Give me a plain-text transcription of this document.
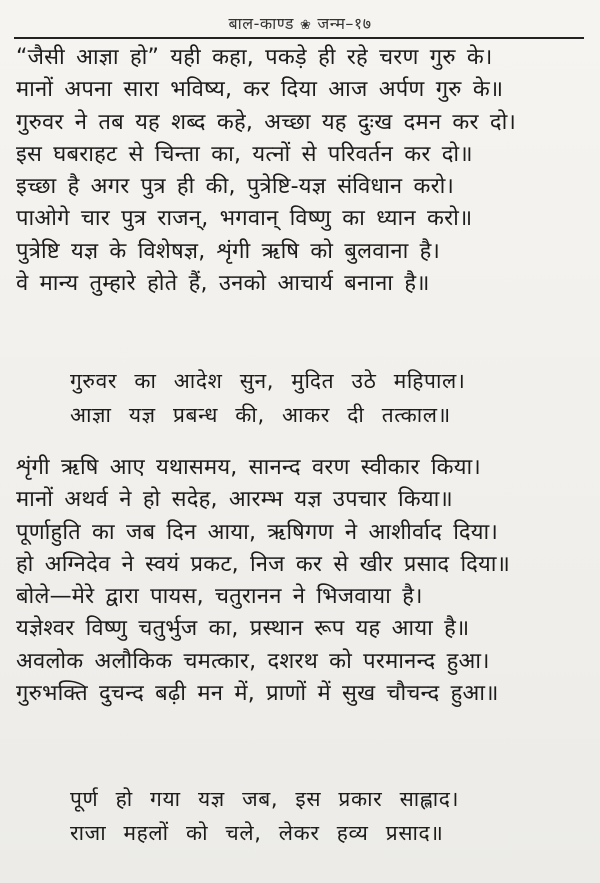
बाल-काण्ड ❀ जन्म–१७
“जैसी आज्ञा हो” यही कहा, पकड़े ही रहे चरण गुरु के।
मानों अपना सारा भविष्य, कर दिया आज अर्पण गुरु के॥
गुरुवर ने तब यह शब्द कहे, अच्छा यह दुःख दमन कर दो।
इस घबराहट से चिन्ता का, यत्नों से परिवर्तन कर दो॥
इच्छा है अगर पुत्र ही की, पुत्रेष्टि-यज्ञ संविधान करो।
पाओगे चार पुत्र राजन्, भगवान् विष्णु का ध्यान करो॥
पुत्रेष्टि यज्ञ के विशेषज्ञ, शृंगी ऋषि को बुलवाना है।
वे मान्य तुम्हारे होते हैं, उनको आचार्य बनाना है॥
गुरुवर का आदेश सुन, मुदित उठे महिपाल।
आज्ञा यज्ञ प्रबन्ध की, आकर दी तत्काल॥
शृंगी ऋषि आए यथासमय, सानन्द वरण स्वीकार किया।
मानों अथर्व ने हो सदेह, आरम्भ यज्ञ उपचार किया॥
पूर्णाहुति का जब दिन आया, ऋषिगण ने आशीर्वाद दिया।
हो अग्निदेव ने स्वयं प्रकट, निज कर से खीर प्रसाद दिया॥
बोले—मेरे द्वारा पायस, चतुरानन ने भिजवाया है।
यज्ञेश्वर विष्णु चतुर्भुज का, प्रस्थान रूप यह आया है॥
अवलोक अलौकिक चमत्कार, दशरथ को परमानन्द हुआ।
गुरुभक्ति दुचन्द बढ़ी मन में, प्राणों में सुख चौचन्द हुआ॥
पूर्ण हो गया यज्ञ जब, इस प्रकार साह्लाद।
राजा महलों को चले, लेकर हव्य प्रसाद॥
